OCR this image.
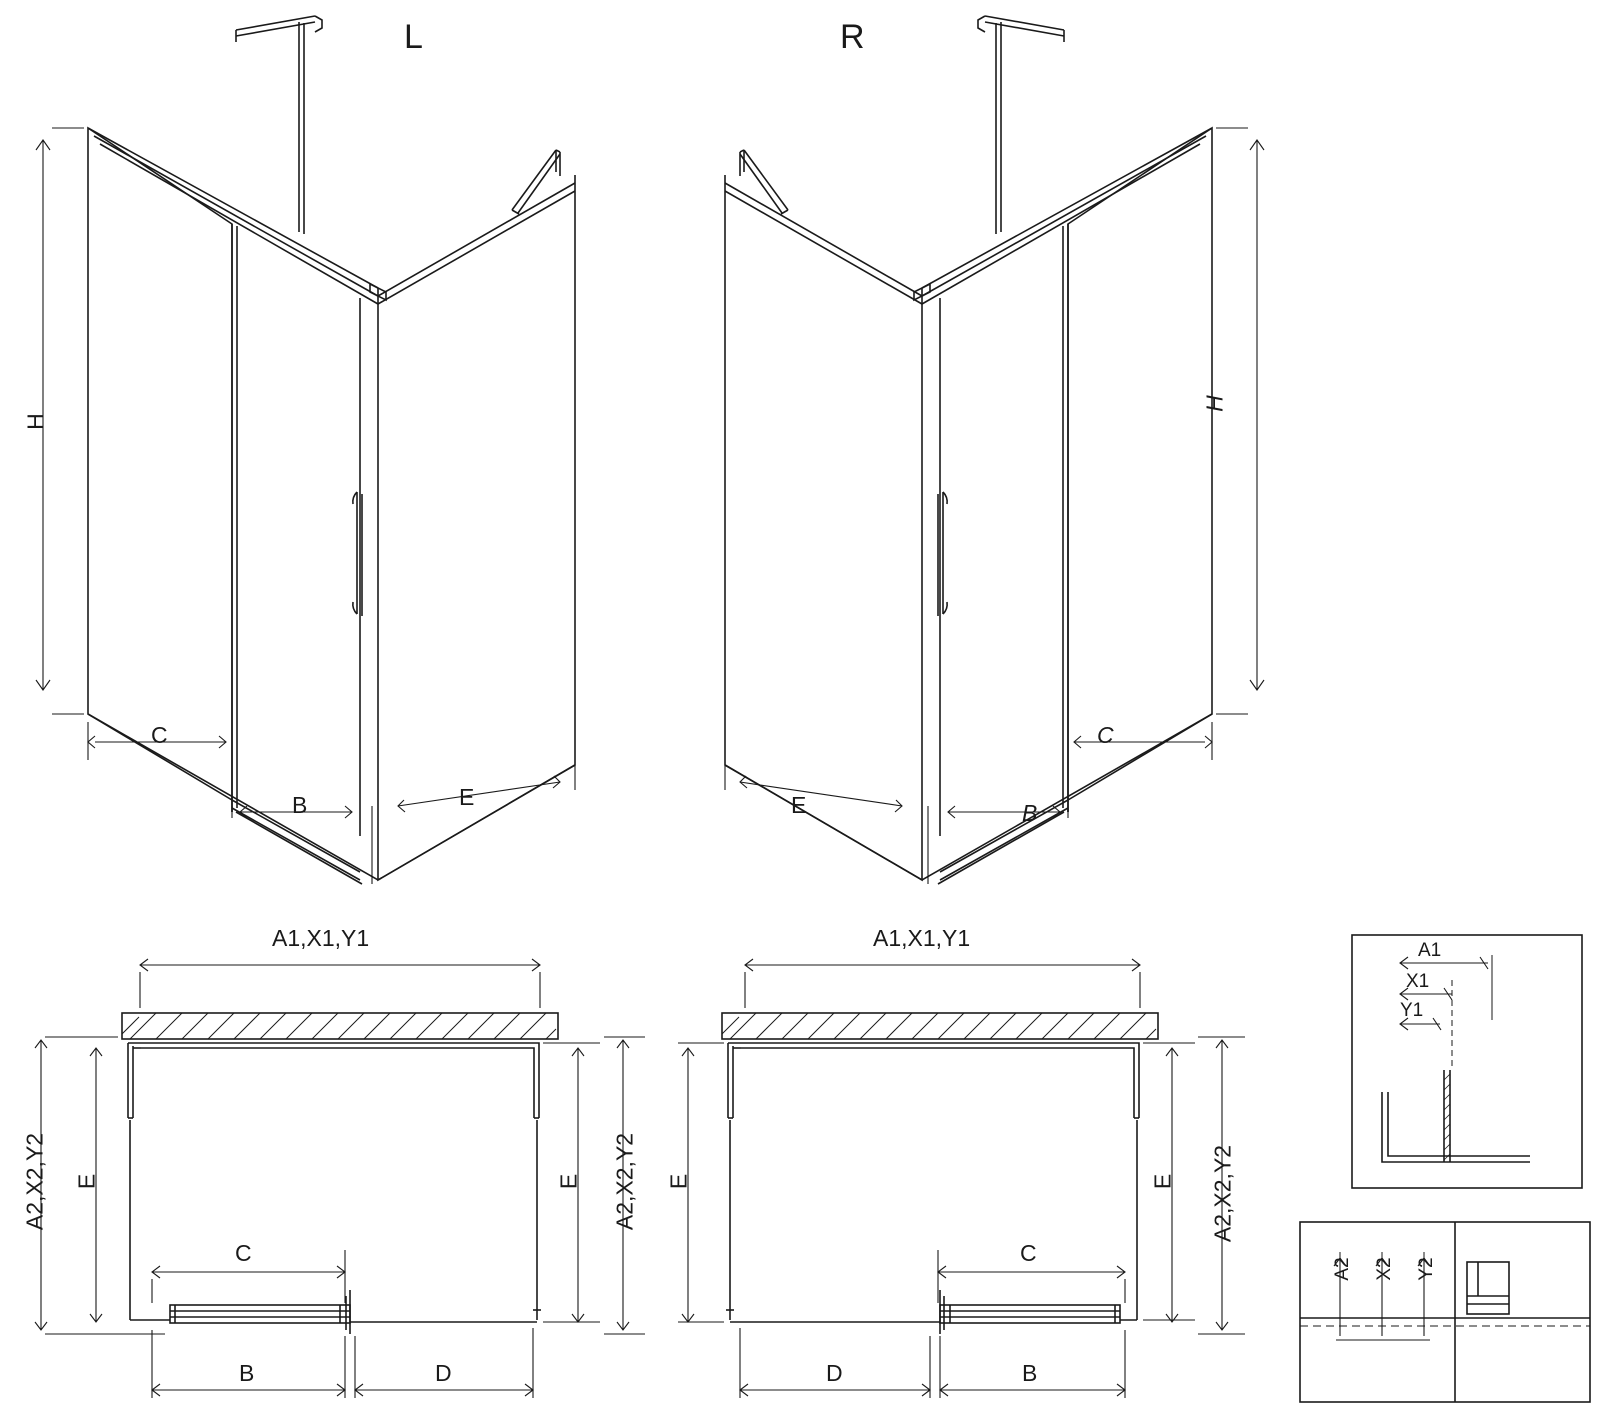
L	R
H
C
B	E
H
C
B
E
A1,X1,Y1
A2,X2,Y2 E	E A2,X2,Y2
C
B	D
A1,X1,Y1
E	E A2,X2,Y2
C
D	B
A1
X1
Y1
A2 X2 Y2
